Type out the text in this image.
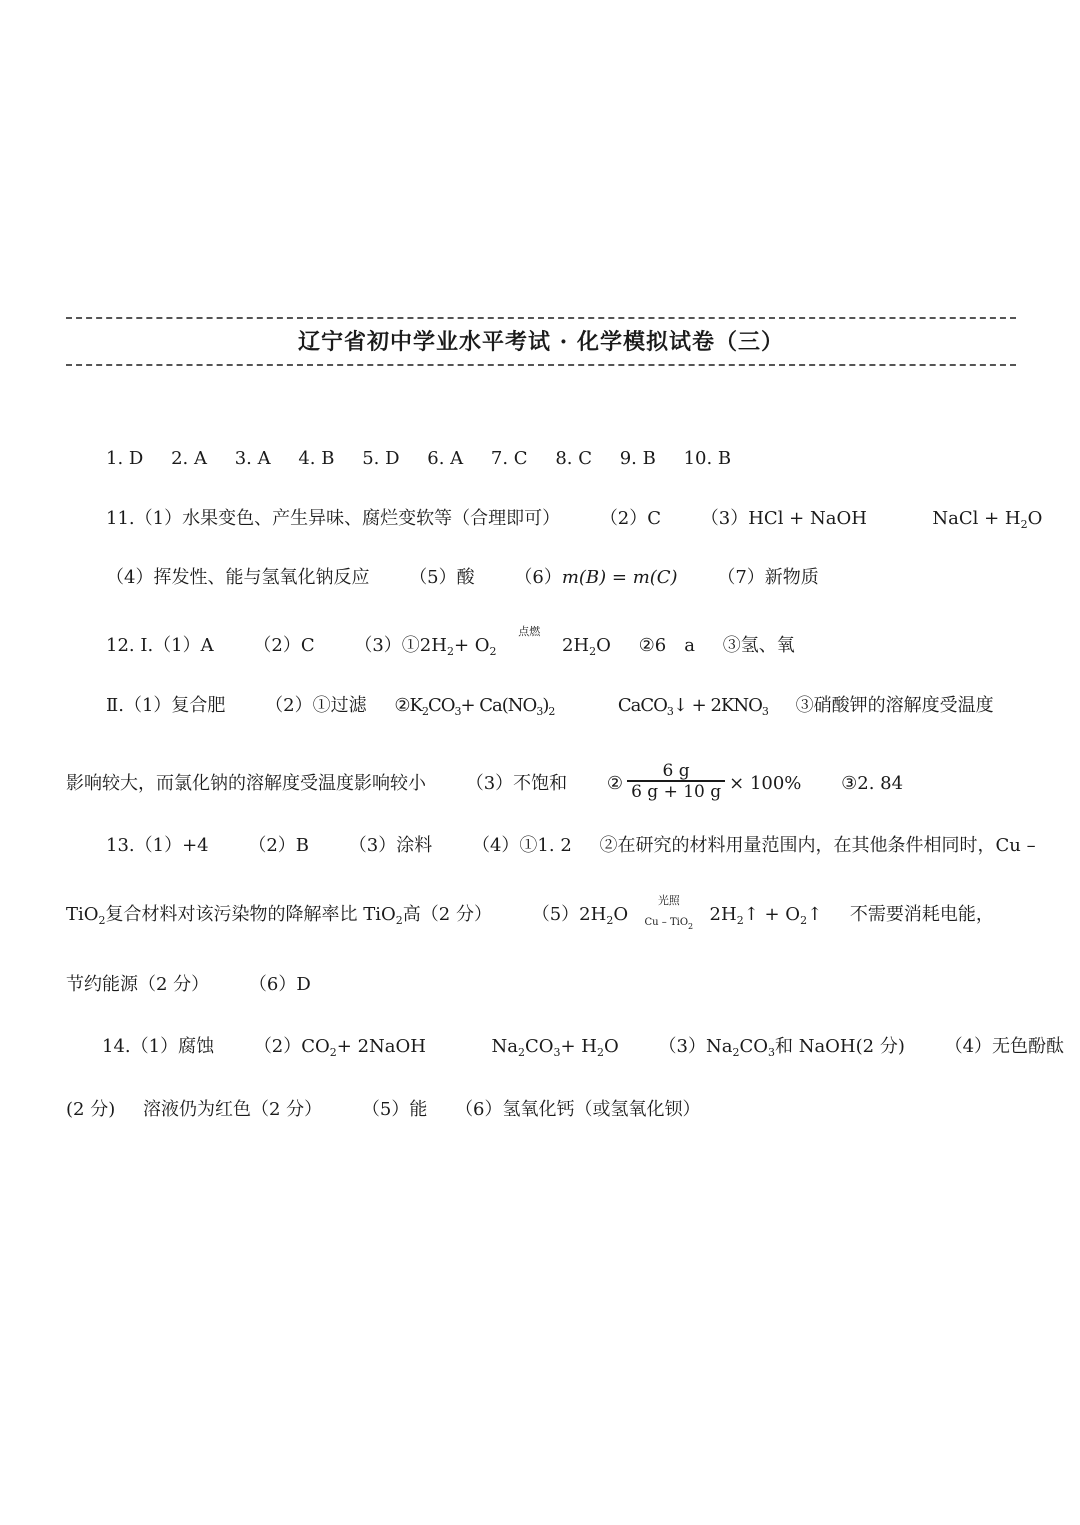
辽宁省初中学业水平考试 · 化学模拟试卷（三）
1. D 2. A 3. A 4. B 5. D 6. A 7. C 8. C 9. B 10. B
11.（1）水果变色、产生异味、腐烂变软等（合理即可） （2）C （3）HCl + NaOH	NaCl + $H_2O$
（4）挥发性、能与氢氧化钠反应 （5）酸 （6）m(B) = m(C) （7）新物质
12. Ⅰ.（1）A （2）C $(3)①2H_2+ O_2$
点燃
$2H_2O$ ②6　a ③氢、氧
Ⅱ.（1）复合肥 （2）①过滤 $②K_2CO_3+ Ca(NO_3)_2$	CaCO$_3$↓ + $2KNO_3$ ③硝酸钾的溶解度受温度
影响较大，而氯化钠的溶解度受温度影响较小 （3）不饱和 ② $\frac{6 g}{6 g + 10 g} \times 100\%$ ③2. 84
13.（1）+4 （2）B （3）涂料 （4）①1. 2 ②在研究的材料用量范围内，在其他条件相同时，Cu –
TiO$_2$复合材料对该污染物的降解率比 TiO$_2$高（2 分） $(5)2H_2O$
光照
Cu – TiO$_2$
$2H_2↑$ + $O_2↑$ 不需要消耗电能，
节约能源（2 分） （6）D
14.（1）腐蚀 $(2)CO_2+$ 2NaOH	$Na_2CO_3+ H_2O$ $(3)Na_2CO_3$和 NaOH(2 分) （4）无色酚酞
(2 分) 溶液仍为红色（2 分） （5）能 （6）氢氧化钙（或氢氧化钡）
